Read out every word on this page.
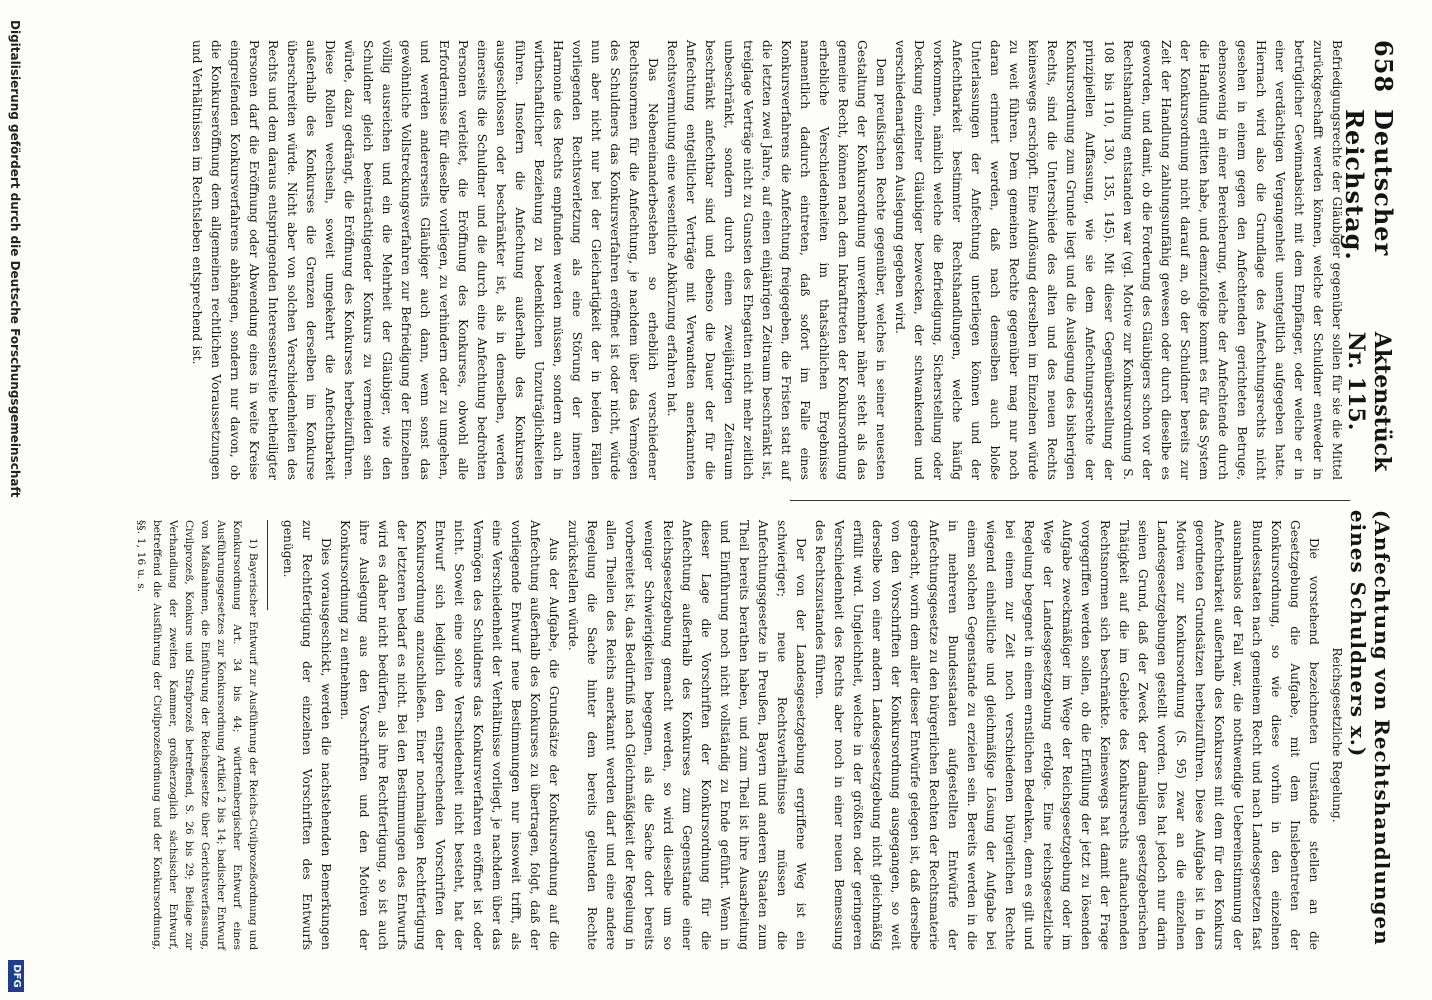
658
Deutscher Reichstag.
Aktenstück Nr. 115.
(Anfechtung von Rechtshandlungen eines Schuldners x.)

Befriedigungsrechte der Gläubiger gegenüber sollen für sie die Mittel zurückgeschafft werden können, welche der Schuldner entweder in betrüglicher Gewinnabsicht mit dem Empfänger, oder welche er in einer verdächtigen Vergangenheit unentgeltlich aufgegeben hatte. Hiernach wird also die Grundlage des Anfechtungsrechts nicht gesehen in einem gegen den Anfechtenden gerichteten Betruge, ebensowenig in einer Bereicherung, welche der Anfechtende durch die Handlung erlitten habe, und demzufolge kommt es für das System der Konkursordnung nicht darauf an, ob der Schuldner bereits zur Zeit der Handlung zahlungsunfähig gewesen oder durch dieselbe es geworden, und damit, ob die Forderung des Gläubigers schon vor der Rechtshandlung entstanden war (vgl. Motive zur Konkursordnung S. 108 bis 110, 130, 135, 145). Mit dieser Gegenüberstellung der prinzipiellen Auffassung, wie sie dem Anfechtungsrechte der Konkursordnung zum Grunde liegt und die Auslegung des bisherigen Rechts, sind die Unterschiede des alten und des neuen Rechts keineswegs erschöpft. Eine Auflösung derselben im Einzelnen würde zu weit führen. Dem gemeinen Rechte gegenüber mag nur noch daran erinnert werden, daß nach demselben auch bloße Unterlassungen der Anfechtung unterliegen können und der Anfechtbarkeit bestimmter Rechtshandlungen, welche häufig vorkommen, nämlich welche die Befriedigung, Sicherstellung oder Deckung einzelner Gläubiger bezwecken, der schwankenden und verschiedenartigsten Auslegung gegeben wird.

Dem preußischen Rechte gegenüber, welches in seiner neuesten Gestaltung der Konkursordnung unverkennbar näher steht als das gemeine Recht, können nach dem Inkrafttreten der Konkursordnung erhebliche Verschiedenheiten im thatsächlichen Ergebnisse namentlich dadurch eintreten, daß sofort im Falle eines Konkursverfahrens die Anfechtung freigegeben, die Fristen statt auf die letzten zwei Jahre, auf einen einjährigen Zeitraum beschränkt ist, treiglage Verträge nicht zu Gunsten des Ehegatten nicht mehr zeitlich unbeschränkt, sondern durch einen zweijährigen Zeitraum beschränkt anfechtbar sind und ebenso die Dauer der für die Anfechtung entgeltlicher Verträge mit Verwandten anerkannten Rechtsvermutung eine wesentliche Abkürzung erfahren hat.

Das Nebeneinanderbestehen so erheblich verschiedener Rechtsnormen für die Anfechtung, je nachdem über das Vermögen des Schuldners das Konkursverfahren eröffnet ist oder nicht, würde nun aber nicht nur bei der Gleichartigkeit der in beiden Fällen vorliegenden Rechtsverletzung als eine Störung der inneren Harmonie des Rechts empfunden werden müssen, sondern auch in wirthschaftlicher Beziehung zu bedenklichen Unzuträglichkeiten führen. Insofern die Anfechtung außerhalb des Konkurses ausgeschlossen oder beschränkter ist, als in demselben, werden einerseits die Schuldner und die durch eine Anfechtung bedrohten Personen verleitet, die Eröffnung des Konkurses, obwohl alle Erfordernisse für dieselbe vorliegen, zu verhindern oder zu umgehen, und werden andererseits Gläubiger auch dann, wenn sonst das gewöhnliche Vollstreckungsverfahren zur Befriedigung der Einzelnen völlig ausreichen und ein die Mehrheit der Gläubiger, wie den Schuldner gleich beeinträchtigender Konkurs zu vermeiden sein würde, dazu gedrängt, die Eröffnung des Konkurses herbeizuführen. Diese Rollen wechseln, soweit umgekehrt die Anfechtbarkeit außerhalb des Konkurses die Grenzen derselben im Konkurse überschreiten würde. Nicht aber von solchen Verschiedenheiten des Rechts und dem daraus entspringenden Interessenstreite betheiligter Personen darf die Eröffnung oder Abwendung eines in weite Kreise eingreifenden Konkursverfahrens abhängen, sondern nur davon, ob die Konkurseröffnung dem allgemeinen rechtlichen Voraussetzungen und Verhältnissen im Rechtsleben entsprechend ist.

Reichsgesetzliche Regelung.

Die vorstehend bezeichneten Umstände stellen an die Gesetzgebung die Aufgabe, mit dem Inslebentreten der Konkursordnung, so wie diese vorhin in den einzelnen Bundesstaaten nach gemeinem Recht und nach Landesgesetzen fast ausnahmslos der Fall war, die nothwendige Uebereinstimmung der Anfechtbarkeit außerhalb des Konkurses mit dem für den Konkurs geordneten Grundsätzen herbeizuführen. Diese Aufgabe ist in den Motiven zur Konkursordnung (S. 95) zwar an die einzelnen Landesgesetzgebungen gestellt worden. Dies hat jedoch nur darin seinen Grund, daß der Zweck der damaligen gesetzgeberischen Thätigkeit auf die im Gebiete des Konkursrechts auftauchenden Rechtsnormen sich beschränkte. Keineswegs hat damit der Frage vorgegriffen werden sollen, ob die Erfüllung der jetzt zu lösenden Aufgabe zweckmäßiger im Wege der Reichsgesetzgebung oder im Wege der Landesgesetzgebung erfolge. Eine reichsgesetzliche Regelung begegnet in einem ernstlichen Bedenken, denn es gilt und bei einem zur Zeit noch verschiedenen bürgerlichen Rechte wiegend einheitliche und gleichmäßige Lösung der Aufgabe bei einem solchen Gegenstande zu erzielen sein. Bereits werden in die in mehreren Bundesstaaten aufgestellten Entwürfe der Anfechtungsgesetze zu den bürgerlichen Rechten der Rechtsmaterie gebracht, worin dem aller dieser Entwürfe gelegen ist, daß derselbe von den Vorschriften der Konkursordnung ausgegangen, so weit derselbe von einer andern Landesgesetzgebung nicht gleichmäßig erfüllt wird. Ungleichheit, welche in der größten oder geringeren Verschiedenheit des Rechts aber noch in einer neuen Bemessung des Rechtszustandes führen.

Der von der Landesgesetzgebung ergriffene Weg ist ein schwieriger; neue Rechtsverhältnisse müssen die Anfechtungsgesetze in Preußen, Bayern und anderen Staaten zum Theil bereits berathen haben, und zum Theil ist ihre Ausarbeitung und Einführung noch nicht vollständig zu Ende geführt. Wenn in dieser Lage die Vorschriften der Konkursordnung für die Anfechtung außerhalb des Konkurses zum Gegenstande einer Reichsgesetzgebung gemacht werden, so wird dieselbe um so weniger Schwierigkeiten begegnen, als die Sache dort bereits vorbereitet ist, das Bedürfniß nach Gleichmäßigkeit der Regelung in allen Theilen des Reichs anerkannt werden darf und eine andere Regelung die Sache hinter dem bereits geltenden Rechte zurückstellen würde.

Aus der Aufgabe, die Grundsätze der Konkursordnung auf die Anfechtung außerhalb des Konkurses zu übertragen, folgt, daß der vorliegende Entwurf neue Bestimmungen nur insoweit trifft, als eine Verschiedenheit der Verhältnisse vorliegt, je nachdem über das Vermögen des Schuldners das Konkursverfahren eröffnet ist oder nicht. Soweit eine solche Verschiedenheit nicht besteht, hat der Entwurf sich lediglich den entsprechenden Vorschriften der Konkursordnung anzuschließen. Einer nochmaligen Rechtfertigung der letzteren bedarf es nicht. Bei den Bestimmungen des Entwurfs wird es daher nicht bedürfen, als ihre Rechtfertigung, so ist auch ihre Auslegung aus den Vorschriften und den Motiven der Konkursordnung zu entnehmen.

Dies vorausgeschickt, werden die nachstehenden Bemerkungen zur Rechtfertigung der einzelnen Vorschriften des Entwurfs genügen.

1) Bayerischer Entwurf zur Ausführung der Reichs-Civilprozeßordnung und Konkursordnung Art. 34 bis 44; württembergischer Entwurf eines Ausführungsgesetzes zur Konkursordnung Artikel 2 bis 14; badischer Entwurf von Maßnahmen, die Einführung der Reichsgesetze über Gerichtsverfassung, Civilprozeß, Konkurs und Strafprozeß betreffend, S. 26 bis 29; Beilage zur Verhandlung der zweiten Kammer, großherzoglich sächsischer Entwurf, betreffend die Ausführung der Civilprozeßordnung und der Konkursordnung, §§. 1, 16 u. s.

Digitalisierung gefördert durch die Deutsche Forschungsgemeinschaft
DFG
